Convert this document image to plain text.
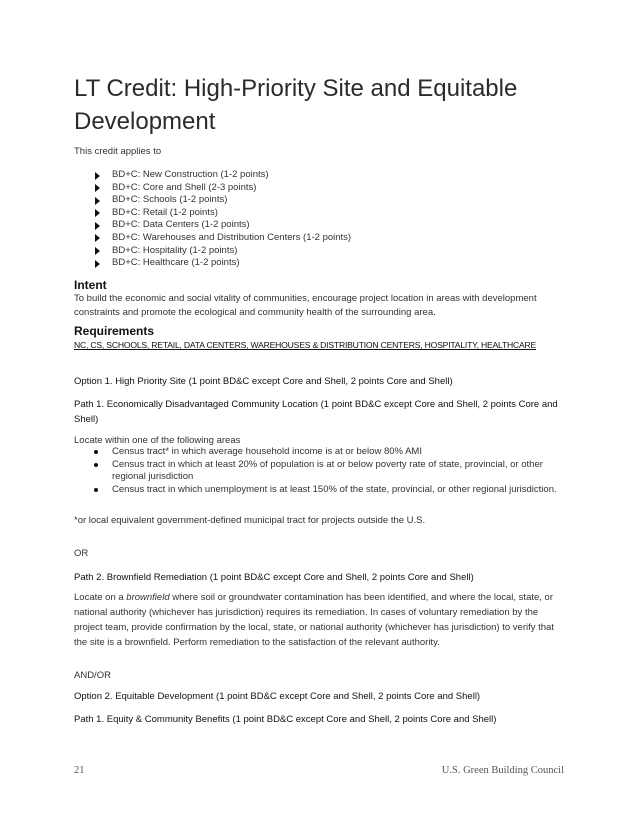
LT Credit: High-Priority Site and Equitable Development
This credit applies to
BD+C: New Construction (1-2 points)
BD+C: Core and Shell (2-3 points)
BD+C: Schools (1-2 points)
BD+C: Retail (1-2 points)
BD+C: Data Centers (1-2 points)
BD+C: Warehouses and Distribution Centers (1-2 points)
BD+C: Hospitality (1-2 points)
BD+C: Healthcare (1-2 points)
Intent
To build the economic and social vitality of communities, encourage project location in areas with development constraints and promote the ecological and community health of the surrounding area.
Requirements
NC, CS, SCHOOLS, RETAIL, DATA CENTERS, WAREHOUSES & DISTRIBUTION CENTERS, HOSPITALITY, HEALTHCARE
Option 1. High Priority Site (1 point BD&C except Core and Shell, 2 points Core and Shell)
Path 1. Economically Disadvantaged Community Location (1 point BD&C except Core and Shell, 2 points Core and Shell)
Locate within one of the following areas
Census tract* in which average household income is at or below 80% AMI
Census tract in which at least 20% of population is at or below poverty rate of state, provincial, or other regional jurisdiction
Census tract in which unemployment is at least 150% of the state, provincial, or other regional jurisdiction.
*or local equivalent government-defined municipal tract for projects outside the U.S.
OR
Path 2. Brownfield Remediation (1 point BD&C except Core and Shell, 2 points Core and Shell)
Locate on a brownfield where soil or groundwater contamination has been identified, and where the local, state, or national authority (whichever has jurisdiction) requires its remediation. In cases of voluntary remediation by the project team, provide confirmation by the local, state, or national authority (whichever has jurisdiction) to verify that the site is a brownfield. Perform remediation to the satisfaction of the relevant authority.
AND/OR
Option 2. Equitable Development (1 point BD&C except Core and Shell, 2 points Core and Shell)
Path 1. Equity & Community Benefits (1 point BD&C except Core and Shell, 2 points Core and Shell)
21	U.S. Green Building Council
